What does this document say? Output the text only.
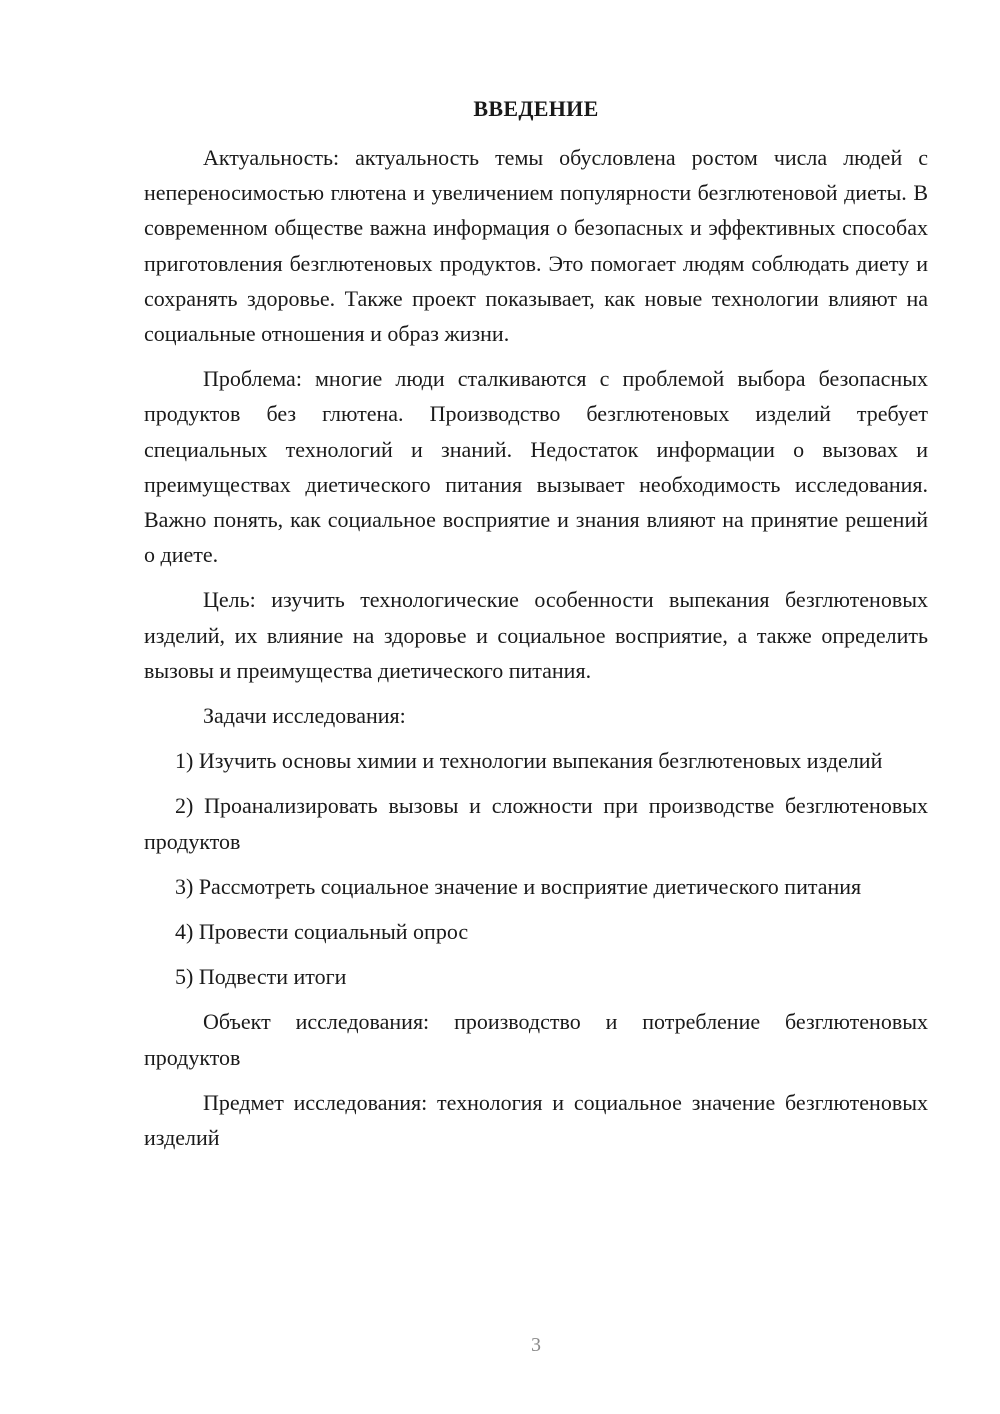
ВВЕДЕНИЕ

Актуальность: актуальность темы обусловлена ростом числа людей с непереносимостью глютена и увеличением популярности безглютеновой диеты. В современном обществе важна информация о безопасных и эффективных способах приготовления безглютеновых продуктов. Это помогает людям соблюдать диету и сохранять здоровье. Также проект показывает, как новые технологии влияют на социальные отношения и образ жизни.

Проблема: многие люди сталкиваются с проблемой выбора безопасных продуктов без глютена. Производство безглютеновых изделий требует специальных технологий и знаний. Недостаток информации о вызовах и преимуществах диетического питания вызывает необходимость исследования. Важно понять, как социальное восприятие и знания влияют на принятие решений о диете.

Цель: изучить технологические особенности выпекания безглютеновых изделий, их влияние на здоровье и социальное восприятие, а также определить вызовы и преимущества диетического питания.

Задачи исследования:

1) Изучить основы химии и технологии выпекания безглютеновых изделий

2) Проанализировать вызовы и сложности при производстве безглютеновых продуктов

3) Рассмотреть социальное значение и восприятие диетического питания

4) Провести социальный опрос

5) Подвести итоги

Объект исследования: производство и потребление безглютеновых продуктов

Предмет исследования: технология и социальное значение безглютеновых изделий

3
